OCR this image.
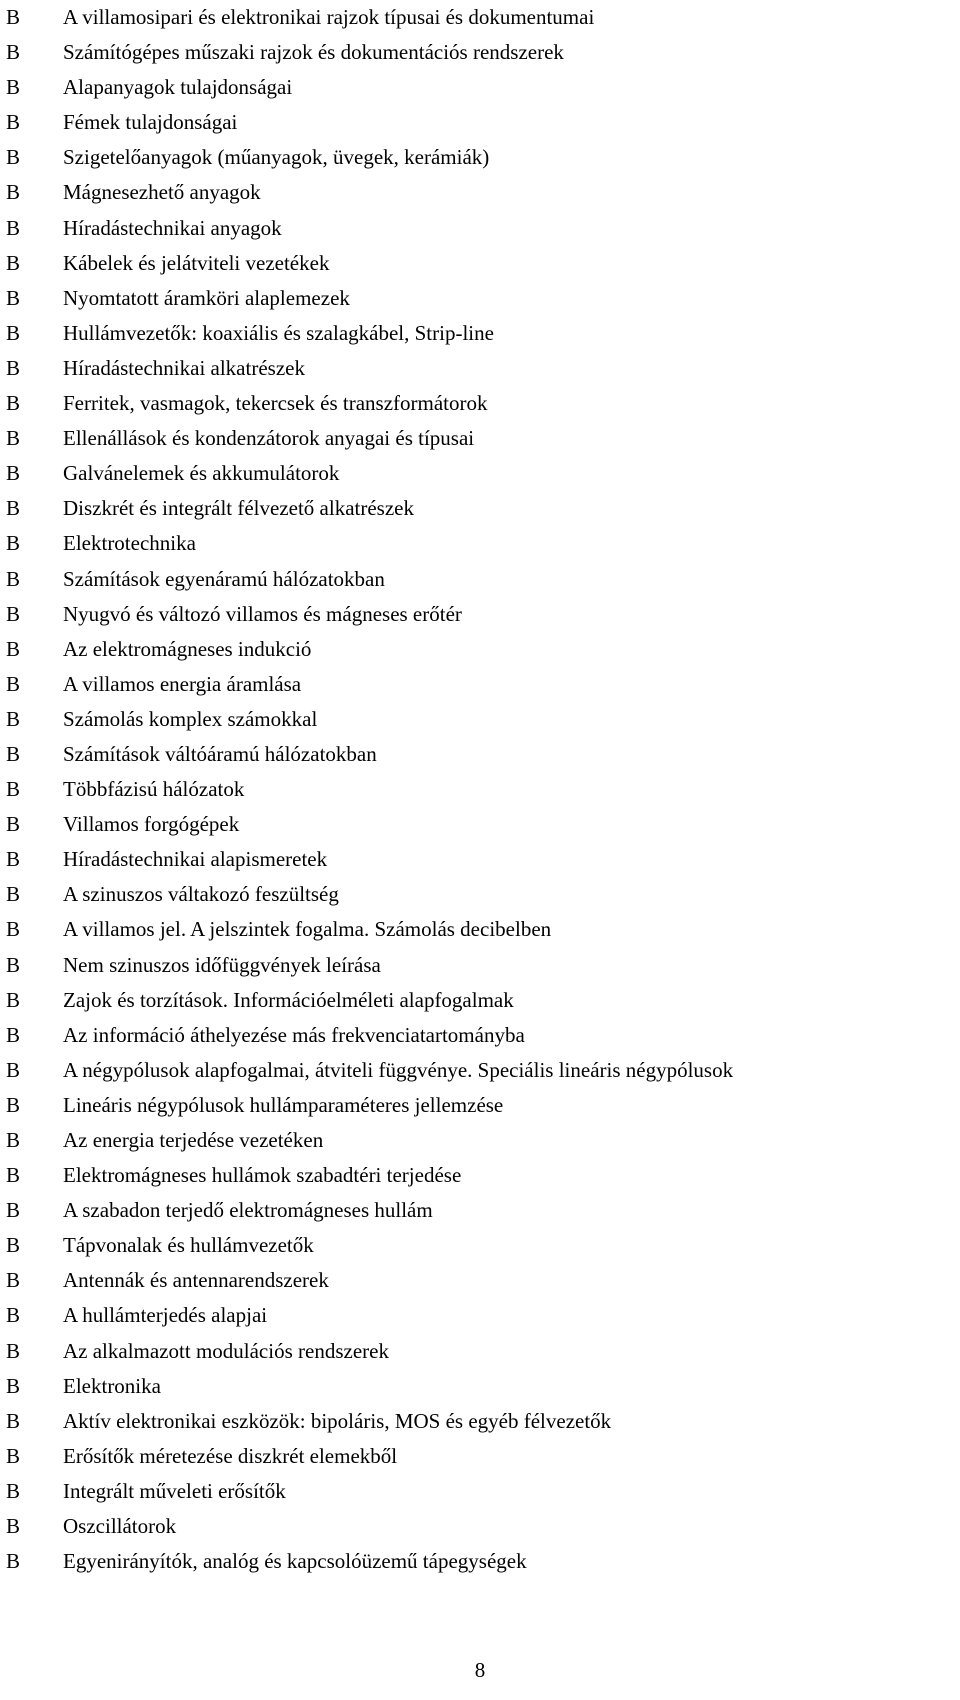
B	A villamosipari és elektronikai rajzok típusai és dokumentumai
B	Számítógépes műszaki rajzok és dokumentációs rendszerek
B	Alapanyagok tulajdonságai
B	Fémek tulajdonságai
B	Szigetelőanyagok (műanyagok, üvegek, kerámiák)
B	Mágnesezhető anyagok
B	Híradástechnikai anyagok
B	Kábelek és jelátviteli vezetékek
B	Nyomtatott áramköri alaplemezek
B	Hullámvezetők: koaxiális és szalagkábel, Strip-line
B	Híradástechnikai alkatrészek
B	Ferritek, vasmagok, tekercsek és transzformátorok
B	Ellenállások és kondenzátorok anyagai és típusai
B	Galvánelemek és akkumulátorok
B	Diszkrét és integrált félvezető alkatrészek
B	Elektrotechnika
B	Számítások egyenáramú hálózatokban
B	Nyugvó és változó villamos és mágneses erőtér
B	Az elektromágneses indukció
B	A villamos energia áramlása
B	Számolás komplex számokkal
B	Számítások váltóáramú hálózatokban
B	Többfázisú hálózatok
B	Villamos forgógépek
B	Híradástechnikai alapismeretek
B	A szinuszos váltakozó feszültség
B	A villamos jel. A jelszintek fogalma. Számolás decibelben
B	Nem szinuszos időfüggvények leírása
B	Zajok és torzítások. Információelméleti alapfogalmak
B	Az információ áthelyezése más frekvenciatartományba
B	A négypólusok alapfogalmai, átviteli függvénye. Speciális lineáris négypólusok
B	Lineáris négypólusok hullámparaméteres jellemzése
B	Az energia terjedése vezetéken
B	Elektromágneses hullámok szabadtéri terjedése
B	A szabadon terjedő elektromágneses hullám
B	Tápvonalak és hullámvezetők
B	Antennák és antennarendszerek
B	A hullámterjedés alapjai
B	Az alkalmazott modulációs rendszerek
B	Elektronika
B	Aktív elektronikai eszközök: bipoláris, MOS és egyéb félvezetők
B	Erősítők méretezése diszkrét elemekből
B	Integrált műveleti erősítők
B	Oszcillátorok
B	Egyenirányítók, analóg és kapcsolóüzemű tápegységek
8
